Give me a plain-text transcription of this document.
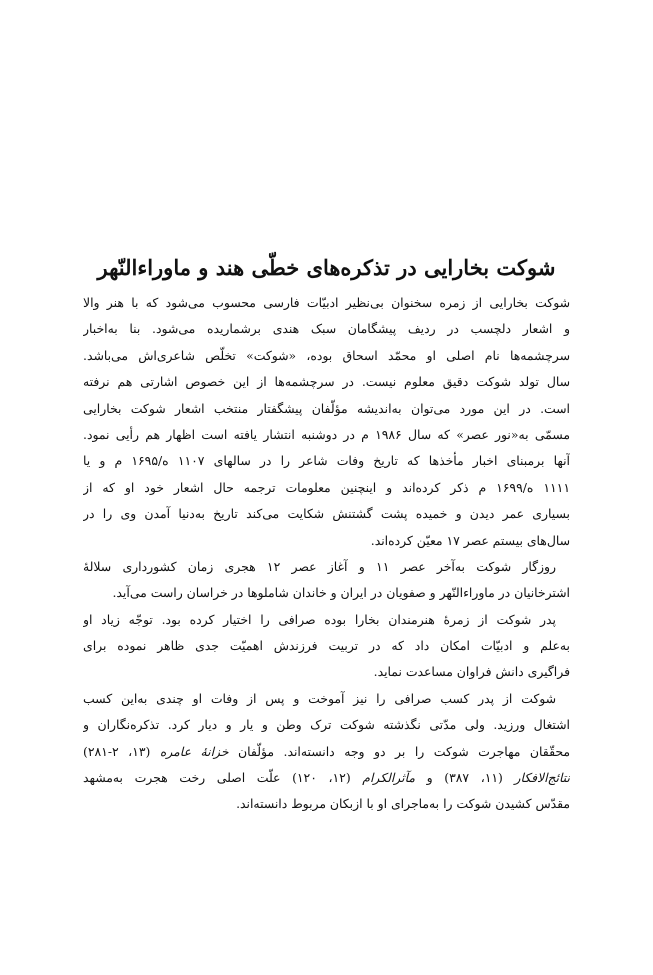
شوکت بخارایی در تذکره‌های خطّی هند و ماوراءالنّهر
شوکت بخارایی از زمره سخنوان بی‌نظیر ادبیّات فارسی محسوب می‌شود که با هنر والا
و اشعار دلچسب در ردیف پیشگامان سبک هندی برشمارید‌ه می‌شود. بنا به‌اخبار
سرچشمه‌ها نام اصلی او محمّد اسحاق بوده، «شوکت» تخلّص شاعری‌اش می‌باشد.
سال تولد شوکت دقیق معلوم نیست. در سرچشمه‌ها از این خصوص اشارتی هم نرفته
است. در این مورد می‌توان به‌اندیشه مؤلّفان پیشگفتار منتخب اشعار شوکت بخارایی
مسمّی به«نور عصر» که سال ۱۹۸۶ م در دوشنبه انتشار یافته است اظهار هم رأیی نمود.
آنها برمبنای اخبار مأخذها که تاریخ وفات شاعر را در سالهای ۱۱۰۷ ه/۱۶۹۵ م و یا
۱۱۱۱ ه/۱۶۹۹ م ذکر کرده‌اند و اینچنین معلومات ترجمه حال اشعار خود او که از
بسیاری عمر دیدن و خمیده پشت گشتنش شکایت می‌کند تاریخ به‌دنیا آمدن وی را در
سال‌های بیستم عصر ۱۷ معیّن کرده‌اند.
روزگار شوکت به‌آخر عصر ۱۱ و آغاز عصر ۱۲ هجری زمان کشورداری سلالهٔ
اشترخانیان در ماوراءالنّهر و صفویان در ایران و خاندان شاملوها در خراسان راست می‌آید.
پدر شوکت از زمرهٔ هنرمندان بخارا بوده صرافی را اختیار کرده بود. توجّه زیاد او
به‌علم و ادبیّات امکان داد که در تربیت فرزندش اهمیّت جدی ظاهر نموده برای
فراگیری دانش فراوان مساعدت نماید.
شوکت از پدر کسب صرافی را نیز آموخت و پس از وفات او چندی به‌این کسب
اشتغال ورزید. ولی مدّتی نگذشته شوکت ترک وطن و یار و دیار کرد. تذکره‌نگاران و
محقّقان مهاجرت شوکت را بر دو وجه دانسته‌اند. مؤلّفان خزانهٔ عامره (۱۳، ۲-۲۸۱)
نتائج‌الافکار (۱۱، ۳۸۷) و مآثرالکرام (۱۲، ۱۲۰) علّت اصلی رخت هجرت به‌مشهد
مقدّس کشیدن شوکت را به‌ماجرای او با ازبکان مربوط دانسته‌اند.
